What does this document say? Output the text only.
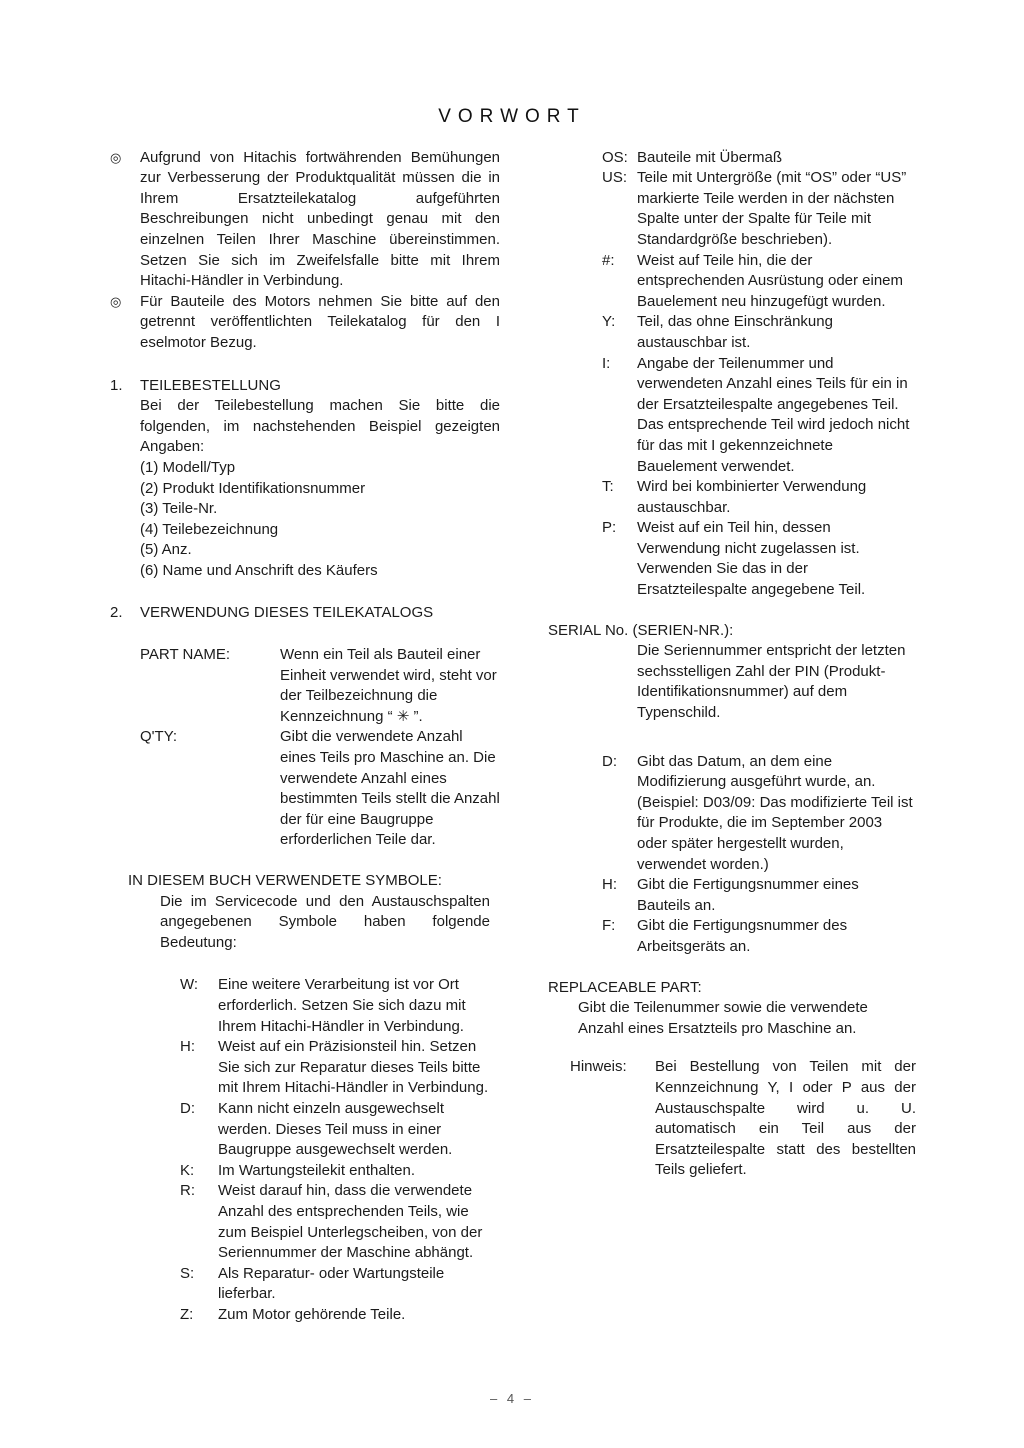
VORWORT
◎	Aufgrund von Hitachis fortwährenden Bemühungen zur Verbesserung der Produktqualität müssen die in Ihrem Ersatzteilekatalog aufgeführten Beschreibungen nicht unbedingt genau mit den einzelnen Teilen Ihrer Maschine übereinstimmen. Setzen Sie sich im Zweifelsfalle bitte mit Ihrem Hitachi-Händler in Verbindung.

◎	Für Bauteile des Motors nehmen Sie bitte auf den getrennt veröffentlichten Teilekatalog für den I eselmotor Bezug.

1.	TEILEBESTELLUNG

Bei der Teilebestellung machen Sie bitte die folgenden, im nachstehenden Beispiel gezeigten Angaben:

(1) Modell/Typ

(2) Produkt Identifikationsnummer

(3) Teile-Nr.

(4) Teilebezeichnung

(5) Anz.

(6) Name und Anschrift des Käufers

2.	VERWENDUNG DIESES TEILEKATALOGS
PART NAME:	Wenn ein Teil als Bauteil einer Einheit verwendet wird, steht vor der Teilbezeichnung die Kennzeichnung “ ✳ ”.

Q'TY:	Gibt die verwendete Anzahl eines Teils pro Maschine an. Die verwendete Anzahl eines bestimmten Teils stellt die Anzahl der für eine Baugruppe erforderlichen Teile dar.

IN DIESEM BUCH VERWENDETE SYMBOLE:

Die im Servicecode und den Austauschspalten angegebenen Symbole haben folgende Bedeutung:

W:	Eine weitere Verarbeitung ist vor Ort erforderlich. Setzen Sie sich dazu mit Ihrem Hitachi-Händler in Verbindung.

H:	Weist auf ein Präzisionsteil hin. Setzen Sie sich zur Reparatur dieses Teils bitte mit Ihrem Hitachi-Händler in Verbindung.

D:	Kann nicht einzeln ausgewechselt werden. Dieses Teil muss in einer Baugruppe ausgewechselt werden.

K:	Im Wartungsteilekit enthalten.

R:	Weist darauf hin, dass die verwendete Anzahl des entsprechenden Teils, wie zum Beispiel Unterlegscheiben, von der Seriennummer der Maschine abhängt.

S:	Als Reparatur- oder Wartungsteile lieferbar.

Z:	Zum Motor gehörende Teile.

OS: Bauteile mit Übermaß

US: Teile mit Untergröße (mit “OS” oder “US” markierte Teile werden in der nächsten Spalte unter der Spalte für Teile mit Standardgröße beschrieben).

#:	Weist auf Teile hin, die der entsprechenden Ausrüstung oder einem Bauelement neu hinzugefügt wurden.

Y:	Teil, das ohne Einschränkung austauschbar ist.

I:	Angabe der Teilenummer und verwendeten Anzahl eines Teils für ein in der Ersatzteilespalte angegebenes Teil. Das entsprechende Teil wird jedoch nicht für das mit I gekennzeichnete Bauelement verwendet.

T:	Wird bei kombinierter Verwendung austauschbar.

P:	Weist auf ein Teil hin, dessen Verwendung nicht zugelassen ist. Verwenden Sie das in der Ersatzteilespalte angegebene Teil.

SERIAL No. (SERIEN-NR.):

Die Seriennummer entspricht der letzten sechsstelligen Zahl der PIN (Produkt-Identifikationsnummer) auf dem Typenschild.

D:	Gibt das Datum, an dem eine Modifizierung ausgeführt wurde, an. (Beispiel: D03/09: Das modifizierte Teil ist für Produkte, die im September 2003 oder später hergestellt wurden, verwendet worden.)

H:	Gibt die Fertigungsnummer eines Bauteils an.

F:	Gibt die Fertigungsnummer des Arbeitsgeräts an.

REPLACEABLE PART:

Gibt die Teilenummer sowie die verwendete Anzahl eines Ersatzteils pro Maschine an.

Hinweis:	Bei Bestellung von Teilen mit der Kennzeichnung Y, I oder P aus der Austauschspalte wird u. U. automatisch ein Teil aus der Ersatzteilespalte statt des bestellten Teils geliefert.

– 4 –
